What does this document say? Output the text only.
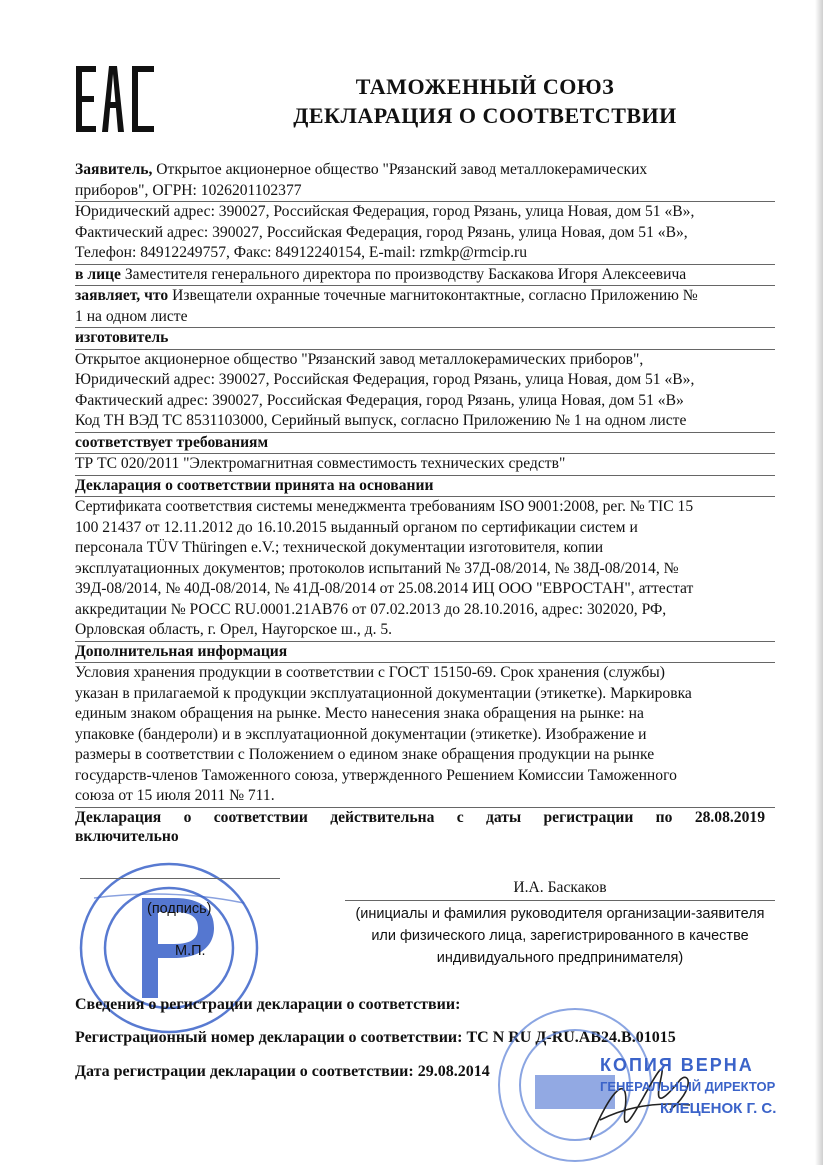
ТАМОЖЕННЫЙ СОЮЗ
ДЕКЛАРАЦИЯ О СООТВЕТСТВИИ
Заявитель, Открытое акционерное общество "Рязанский завод металлокерамических
приборов", ОГРН: 1026201102377
Юридический адрес: 390027, Российская Федерация, город Рязань, улица Новая, дом 51 «В»,
Фактический адрес: 390027, Российская Федерация, город Рязань, улица Новая, дом 51 «В»,
Телефон: 84912249757, Факс: 84912240154, E-mail: rzmkp@rmcip.ru
в лице Заместителя генерального директора по производству Баскакова Игоря Алексеевича
заявляет, что Извещатели охранные точечные магнитоконтактные, согласно Приложению №
1 на одном листе
изготовитель
Открытое акционерное общество "Рязанский завод металлокерамических приборов",
Юридический адрес: 390027, Российская Федерация, город Рязань, улица Новая, дом 51 «В»,
Фактический адрес: 390027, Российская Федерация, город Рязань, улица Новая, дом 51 «В»
Код ТН ВЭД ТС 8531103000, Серийный выпуск, согласно Приложению № 1 на одном листе
соответствует требованиям
ТР ТС 020/2011 "Электромагнитная совместимость технических средств"
Декларация о соответствии принята на основании
Сертификата соответствия системы менеджмента требованиям ISO 9001:2008, рег. № TIC 15
100 21437 от 12.11.2012 до 16.10.2015 выданный органом по сертификации систем и
персонала TÜV Thüringen e.V.; технической документации изготовителя, копии
эксплуатационных документов; протоколов испытаний № 37Д-08/2014, № 38Д-08/2014, №
39Д-08/2014, № 40Д-08/2014, № 41Д-08/2014 от 25.08.2014 ИЦ ООО "ЕВРОСТАН", аттестат
аккредитации № РОСС RU.0001.21АВ76 от 07.02.2013 до 28.10.2016, адрес: 302020, РФ,
Орловская область, г. Орел, Наугорское ш., д. 5.
Дополнительная информация
Условия хранения продукции в соответствии с ГОСТ 15150-69. Срок хранения (службы)
указан в прилагаемой к продукции эксплуатационной документации (этикетке). Маркировка
единым знаком обращения на рынке. Место нанесения знака обращения на рынке: на
упаковке (бандероли) и в эксплуатационной документации (этикетке). Изображение и
размеры в соответствии с Положением о едином знаке обращения продукции на рынке
государств-членов Таможенного союза, утвержденного Решением Комиссии Таможенного
союза от 15 июля 2011 № 711.
Декларация о соответствии действительна с даты регистрации по 28.08.2019
включительно
(подпись)
М.П.
И.А. Баскаков
(инициалы и фамилия руководителя организации-заявителя
или физического лица, зарегистрированного в качестве
индивидуального предпринимателя)
Сведения о регистрации декларации о соответствии:
Регистрационный номер декларации о соответствии: ТС N RU Д-RU.АВ24.В.01015
Дата регистрации декларации о соответствии: 29.08.2014	КОПИЯ ВЕРНА
ГЕНЕРАЛЬНЫЙ ДИРЕКТОР
КЛЕЦЕНОК Г. С.
